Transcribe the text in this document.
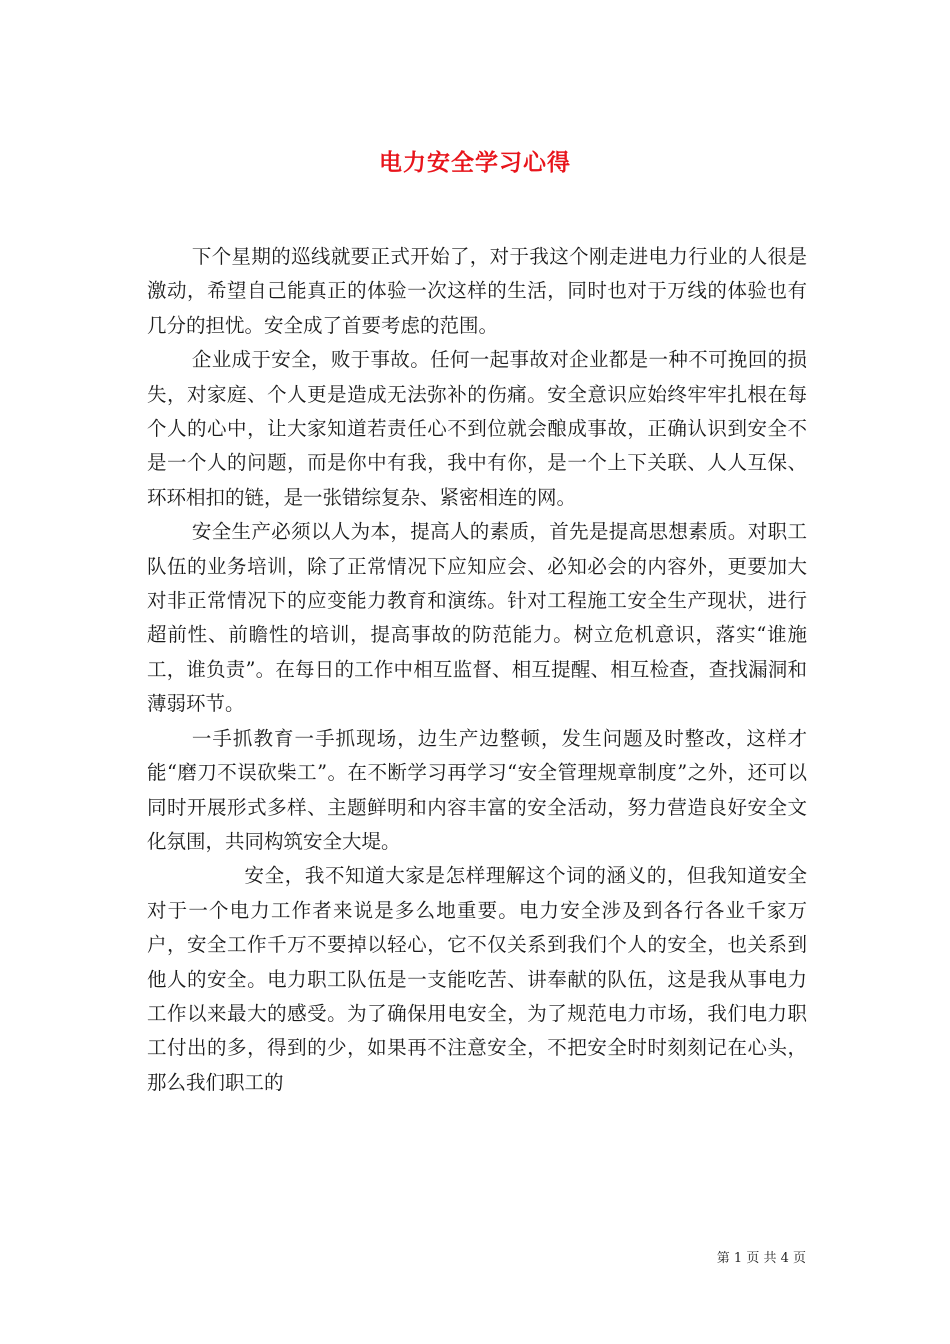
电力安全学习心得

下个星期的巡线就要正式开始了，对于我这个刚走进电力行业的人很是激动，希望自己能真正的体验一次这样的生活，同时也对于万线的体验也有几分的担忧。安全成了首要考虑的范围。

企业成于安全，败于事故。任何一起事故对企业都是一种不可挽回的损失，对家庭、个人更是造成无法弥补的伤痛。安全意识应始终牢牢扎根在每个人的心中，让大家知道若责任心不到位就会酿成事故，正确认识到安全不是一个人的问题，而是你中有我，我中有你，是一个上下关联、人人互保、环环相扣的链，是一张错综复杂、紧密相连的网。

安全生产必须以人为本，提高人的素质，首先是提高思想素质。对职工队伍的业务培训，除了正常情况下应知应会、必知必会的内容外，更要加大对非正常情况下的应变能力教育和演练。针对工程施工安全生产现状，进行超前性、前瞻性的培训，提高事故的防范能力。树立危机意识，落实“谁施工，谁负责”。在每日的工作中相互监督、相互提醒、相互检查，查找漏洞和薄弱环节。

一手抓教育一手抓现场，边生产边整顿，发生问题及时整改，这样才能“磨刀不误砍柴工”。在不断学习再学习“安全管理规章制度”之外，还可以同时开展形式多样、主题鲜明和内容丰富的安全活动，努力营造良好安全文化氛围，共同构筑安全大堤。

安全，我不知道大家是怎样理解这个词的涵义的，但我知道安全对于一个电力工作者来说是多么地重要。电力安全涉及到各行各业千家万户，安全工作千万不要掉以轻心，它不仅关系到我们个人的安全，也关系到他人的安全。电力职工队伍是一支能吃苦、讲奉献的队伍，这是我从事电力工作以来最大的感受。为了确保用电安全，为了规范电力市场，我们电力职工付出的多，得到的少，如果再不注意安全，不把安全时时刻刻记在心头，那么我们职工的

第 1 页 共 4 页
